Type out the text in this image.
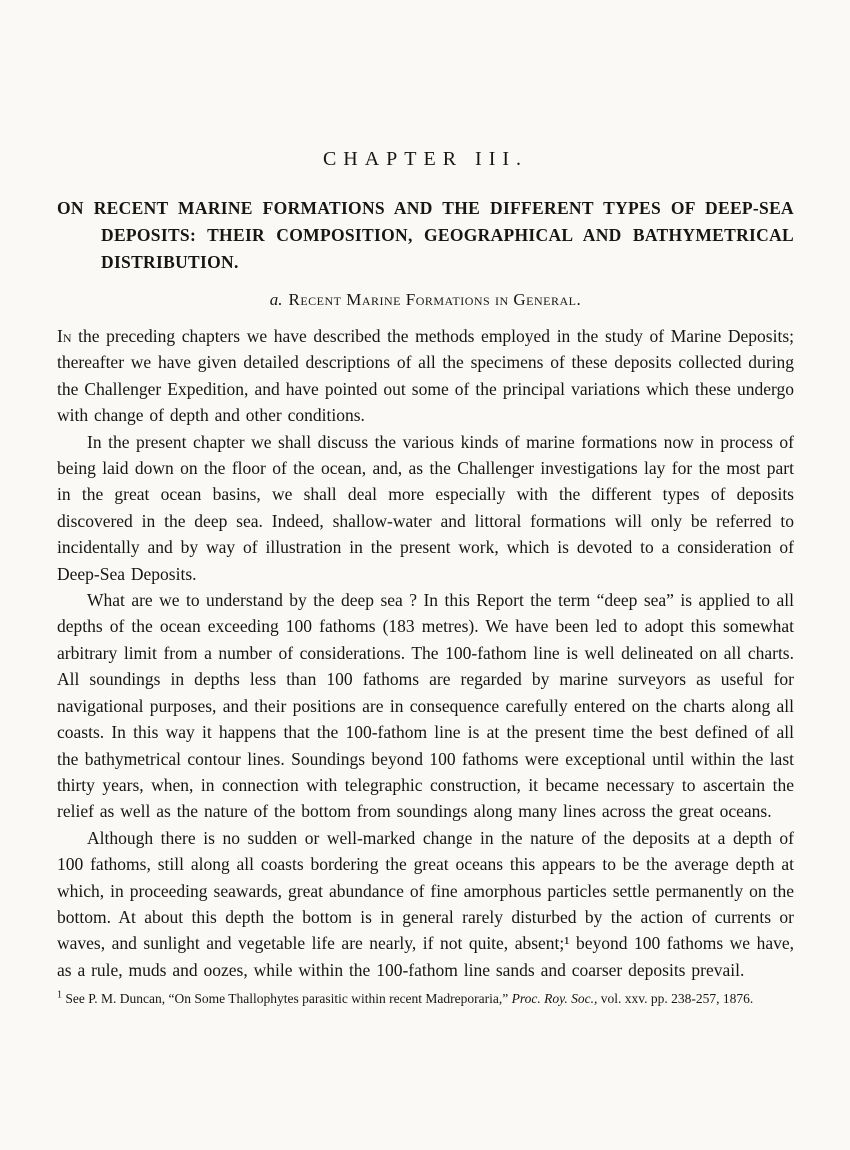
CHAPTER III.
ON RECENT MARINE FORMATIONS AND THE DIFFERENT TYPES OF DEEP-SEA DEPOSITS: THEIR COMPOSITION, GEOGRAPHICAL AND BATHYMETRICAL DISTRIBUTION.
a. Recent Marine Formations in General.

In the preceding chapters we have described the methods employed in the study of Marine Deposits; thereafter we have given detailed descriptions of all the specimens of these deposits collected during the Challenger Expedition, and have pointed out some of the principal variations which these undergo with change of depth and other conditions.

In the present chapter we shall discuss the various kinds of marine formations now in process of being laid down on the floor of the ocean, and, as the Challenger investigations lay for the most part in the great ocean basins, we shall deal more especially with the different types of deposits discovered in the deep sea. Indeed, shallow-water and littoral formations will only be referred to incidentally and by way of illustration in the present work, which is devoted to a consideration of Deep-Sea Deposits.

What are we to understand by the deep sea ? In this Report the term “deep sea” is applied to all depths of the ocean exceeding 100 fathoms (183 metres). We have been led to adopt this somewhat arbitrary limit from a number of considerations. The 100-fathom line is well delineated on all charts. All soundings in depths less than 100 fathoms are regarded by marine surveyors as useful for navigational purposes, and their positions are in consequence carefully entered on the charts along all coasts. In this way it happens that the 100-fathom line is at the present time the best defined of all the bathymetrical contour lines. Soundings beyond 100 fathoms were exceptional until within the last thirty years, when, in connection with telegraphic construction, it became necessary to ascertain the relief as well as the nature of the bottom from soundings along many lines across the great oceans.

Although there is no sudden or well-marked change in the nature of the deposits at a depth of 100 fathoms, still along all coasts bordering the great oceans this appears to be the average depth at which, in proceeding seawards, great abundance of fine amorphous particles settle permanently on the bottom. At about this depth the bottom is in general rarely disturbed by the action of currents or waves, and sunlight and vegetable life are nearly, if not quite, absent;¹ beyond 100 fathoms we have, as a rule, muds and oozes, while within the 100-fathom line sands and coarser deposits prevail.

$^1$ See P. M. Duncan, “On Some Thallophytes parasitic within recent Madreporaria,” Proc. Roy. Soc., vol. xxv. pp. 238-257, 1876.
